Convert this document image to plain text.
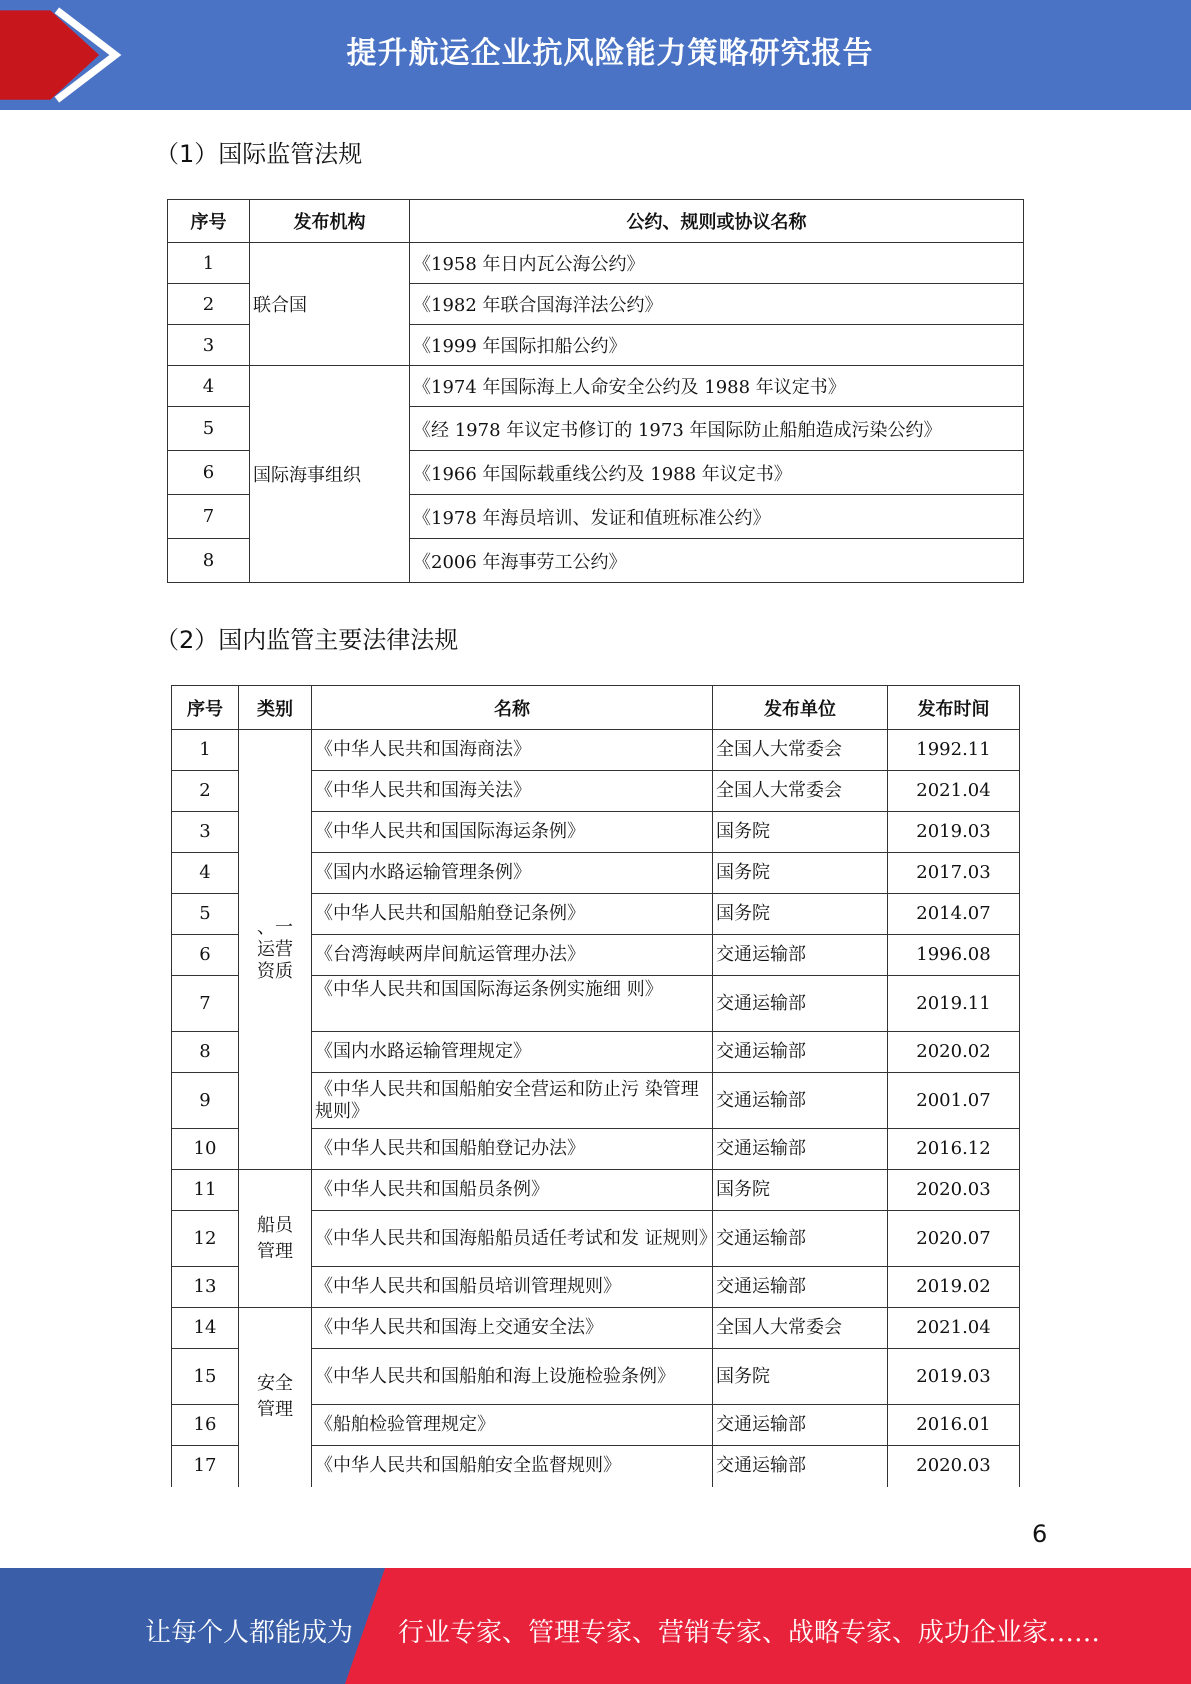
提升航运企业抗风险能力策略研究报告
（1）国际监管法规
序号	发布机构	公约、规则或协议名称
1	联合国	《1958 年日内瓦公海公约》
2		《1982 年联合国海洋法公约》
3		《1999 年国际扣船公约》
4	国际海事组织	《1974 年国际海上人命安全公约及 1988 年议定书》
5		《经 1978 年议定书修订的 1973 年国际防止船舶造成污染公约》
6		《1966 年国际载重线公约及 1988 年议定书》
7		《1978 年海员培训、发证和值班标准公约》
8		《2006 年海事劳工公约》
（2）国内监管主要法律法规
序号	类别	名称	发布单位	发布时间
1	、一
运营
资质	《中华人民共和国海商法》	全国人大常委会	1992.11
2		《中华人民共和国海关法》	全国人大常委会	2021.04
3		《中华人民共和国国际海运条例》	国务院	2019.03
4		《国内水路运输管理条例》	国务院	2017.03
5		《中华人民共和国船舶登记条例》	国务院	2014.07
6		《台湾海峡两岸间航运管理办法》	交通运输部	1996.08
7		《中华人民共和国国际海运条例实施细 则》	交通运输部	2019.11
8		《国内水路运输管理规定》	交通运输部	2020.02
9		《中华人民共和国船舶安全营运和防止污 染管理规则》	交通运输部	2001.07
10		《中华人民共和国船舶登记办法》	交通运输部	2016.12
11	船员
管理	《中华人民共和国船员条例》	国务院	2020.03
12		《中华人民共和国海船船员适任考试和发 证规则》	交通运输部	2020.07
13		《中华人民共和国船员培训管理规则》	交通运输部	2019.02
14	安全
管理	《中华人民共和国海上交通安全法》	全国人大常委会	2021.04
15		《中华人民共和国船舶和海上设施检验条例》	国务院	2019.03
16		《船舶检验管理规定》	交通运输部	2016.01
17		《中华人民共和国船舶安全监督规则》	交通运输部	2020.03
6
让每个人都能成为 行业专家、管理专家、营销专家、战略专家、成功企业家……
